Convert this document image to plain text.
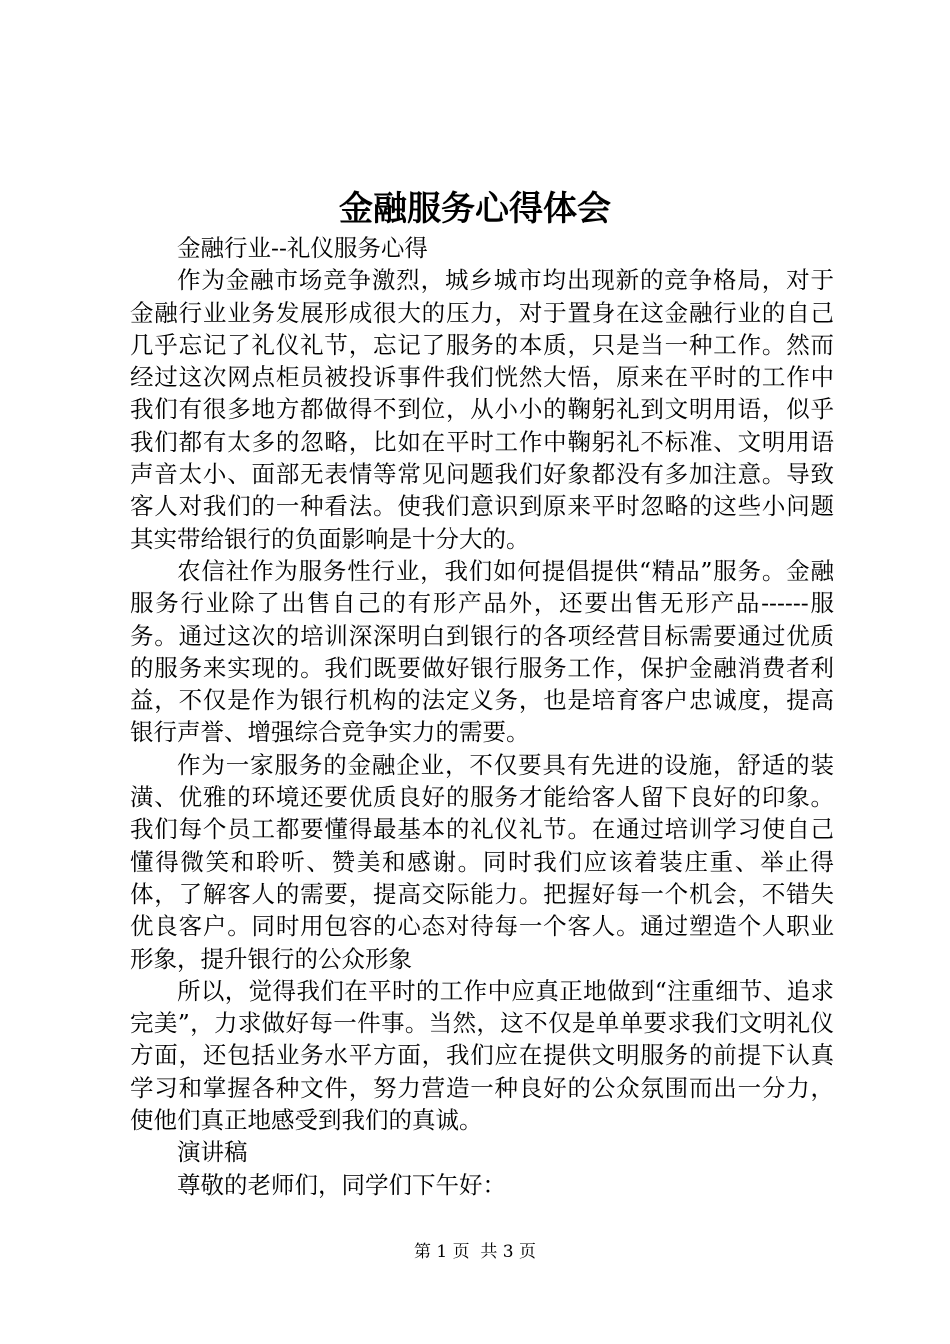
金融服务心得体会

金融行业--礼仪服务心得

作为金融市场竞争激烈，城乡城市均出现新的竞争格局，对于金融行业业务发展形成很大的压力，对于置身在这金融行业的自己几乎忘记了礼仪礼节，忘记了服务的本质，只是当一种工作。然而经过这次网点柜员被投诉事件我们恍然大悟，原来在平时的工作中我们有很多地方都做得不到位，从小小的鞠躬礼到文明用语，似乎我们都有太多的忽略，比如在平时工作中鞠躬礼不标准、文明用语声音太小、面部无表情等常见问题我们好象都没有多加注意。导致客人对我们的一种看法。使我们意识到原来平时忽略的这些小问题其实带给银行的负面影响是十分大的。

农信社作为服务性行业，我们如何提倡提供“精品”服务。金融服务行业除了出售自己的有形产品外，还要出售无形产品------服务。通过这次的培训深深明白到银行的各项经营目标需要通过优质的服务来实现的。我们既要做好银行服务工作，保护金融消费者利益，不仅是作为银行机构的法定义务，也是培育客户忠诚度，提高银行声誉、增强综合竞争实力的需要。

作为一家服务的金融企业，不仅要具有先进的设施，舒适的装潢、优雅的环境还要优质良好的服务才能给客人留下良好的印象。我们每个员工都要懂得最基本的礼仪礼节。在通过培训学习使自己懂得微笑和聆听、赞美和感谢。同时我们应该着装庄重、举止得体，了解客人的需要，提高交际能力。把握好每一个机会，不错失优良客户。同时用包容的心态对待每一个客人。通过塑造个人职业形象，提升银行的公众形象

所以，觉得我们在平时的工作中应真正地做到“注重细节、追求完美”，力求做好每一件事。当然，这不仅是单单要求我们文明礼仪方面，还包括业务水平方面，我们应在提供文明服务的前提下认真学习和掌握各种文件，努力营造一种良好的公众氛围而出一分力，使他们真正地感受到我们的真诚。

演讲稿

尊敬的老师们，同学们下午好：

第 1 页  共 3 页
